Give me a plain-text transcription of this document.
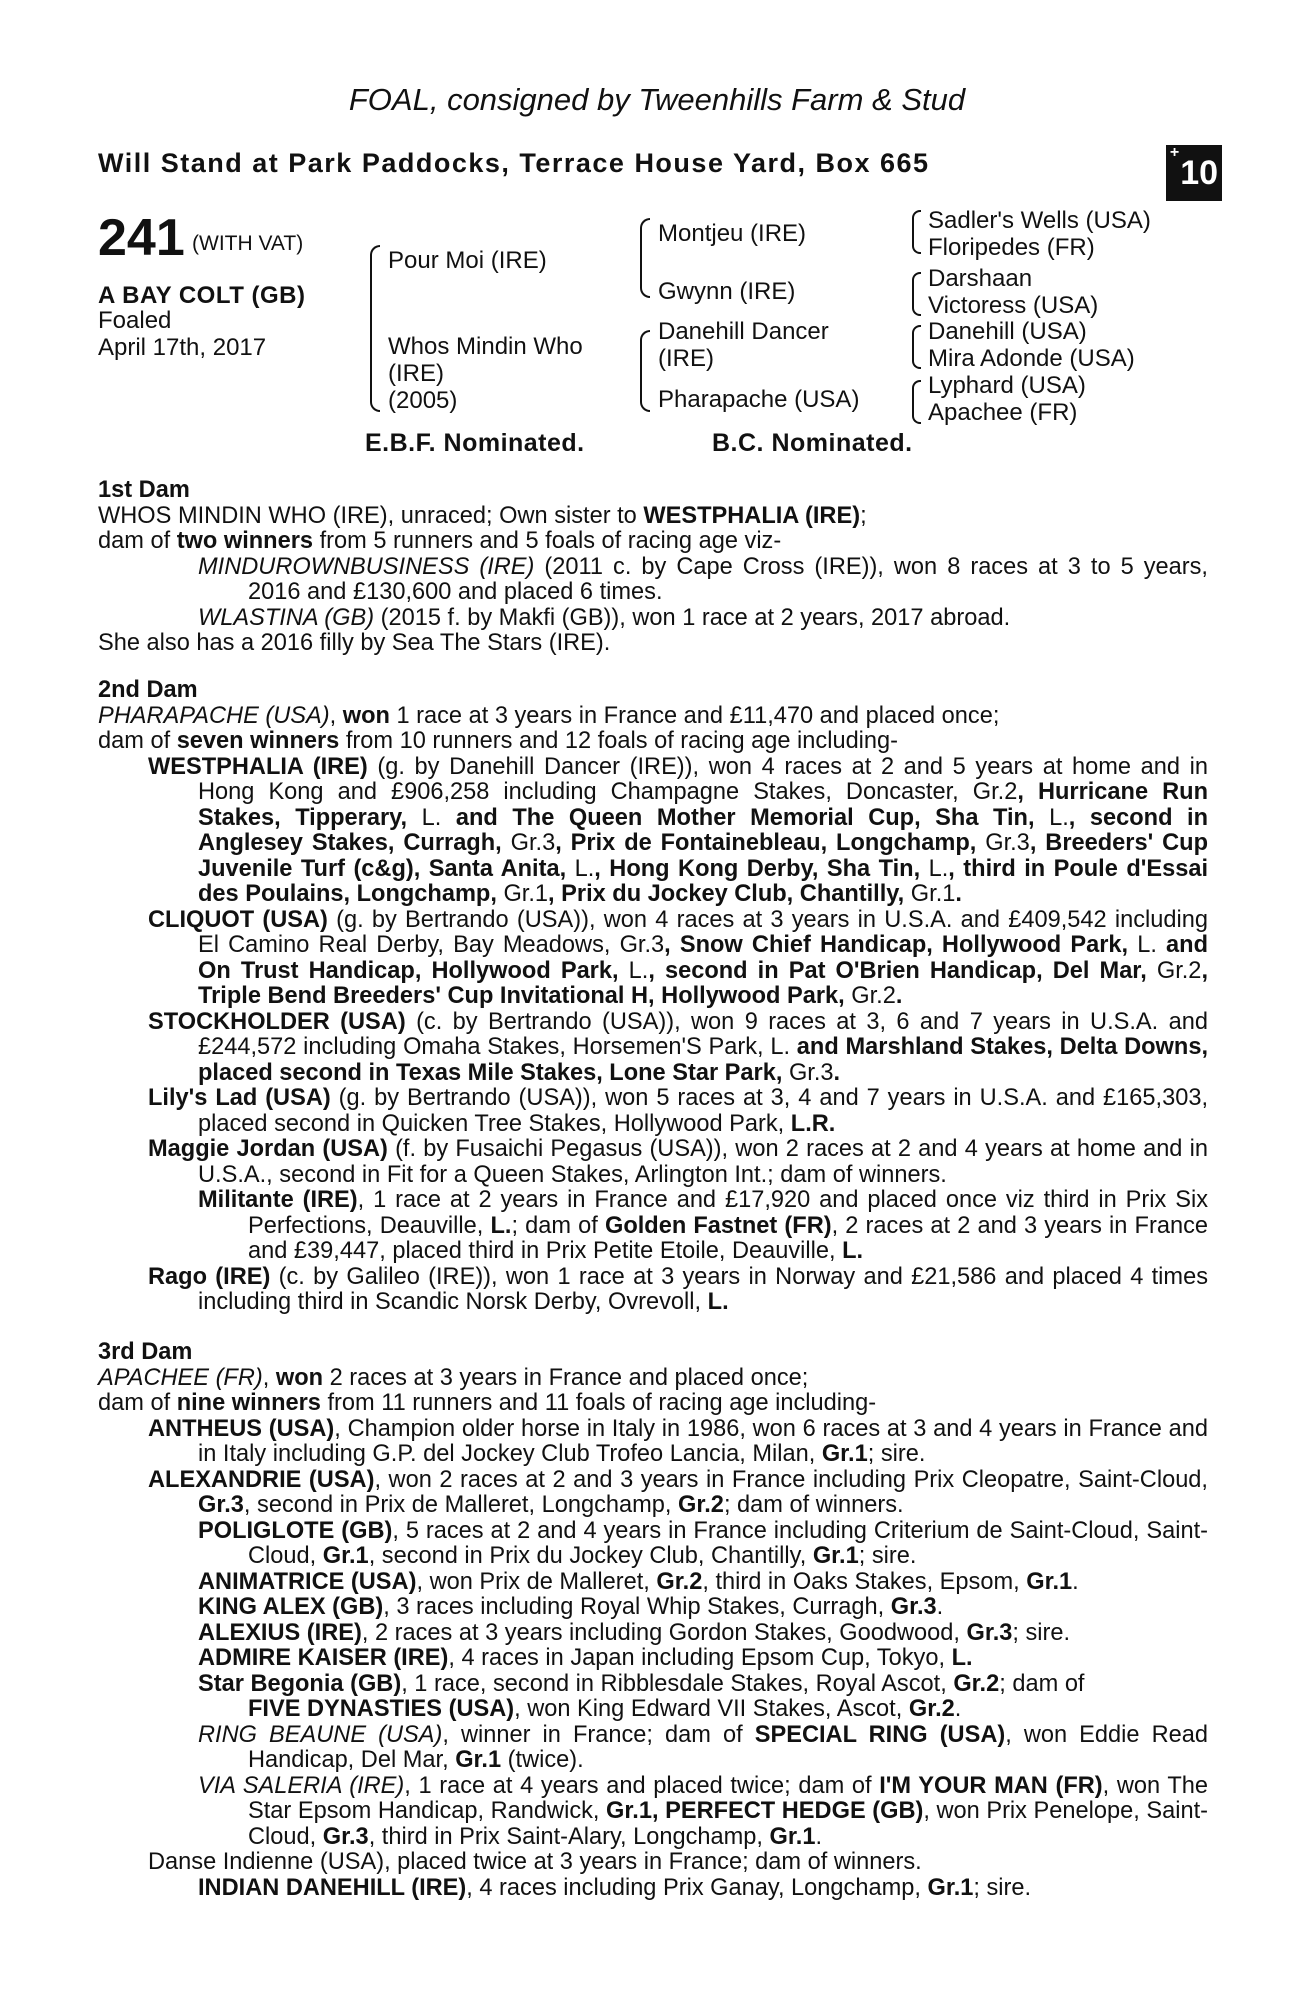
FOAL, consigned by Tweenhills Farm & Stud
Will Stand at Park Paddocks, Terrace House Yard, Box 665	+10
241 (WITH VAT)
A BAY COLT (GB)
Foaled
April 17th, 2017
Pour Moi (IRE)
Whos Mindin Who
(IRE)
(2005)
Montjeu (IRE)
Gwynn (IRE)
Danehill Dancer
(IRE)
Pharapache (USA)
Sadler's Wells (USA)
Floripedes (FR)
Darshaan
Victoress (USA)
Danehill (USA)
Mira Adonde (USA)
Lyphard (USA)
Apachee (FR)
E.B.F. Nominated.	B.C. Nominated.
1st Dam
WHOS MINDIN WHO (IRE), unraced; Own sister to WESTPHALIA (IRE);
dam of two winners from 5 runners and 5 foals of racing age viz-
MINDUROWNBUSINESS (IRE) (2011 c. by Cape Cross (IRE)), won 8 races at 3 to 5 years, 2016 and £130,600 and placed 6 times.
WLASTINA (GB) (2015 f. by Makfi (GB)), won 1 race at 2 years, 2017 abroad.
She also has a 2016 filly by Sea The Stars (IRE).
2nd Dam
PHARAPACHE (USA), won 1 race at 3 years in France and £11,470 and placed once;
dam of seven winners from 10 runners and 12 foals of racing age including-
WESTPHALIA (IRE) (g. by Danehill Dancer (IRE)), won 4 races at 2 and 5 years at home and in Hong Kong and £906,258 including Champagne Stakes, Doncaster, Gr.2, Hurricane Run Stakes, Tipperary, L. and The Queen Mother Memorial Cup, Sha Tin, L., second in Anglesey Stakes, Curragh, Gr.3, Prix de Fontainebleau, Longchamp, Gr.3, Breeders' Cup Juvenile Turf (c&g), Santa Anita, L., Hong Kong Derby, Sha Tin, L., third in Poule d'Essai des Poulains, Longchamp, Gr.1, Prix du Jockey Club, Chantilly, Gr.1.
CLIQUOT (USA) (g. by Bertrando (USA)), won 4 races at 3 years in U.S.A. and £409,542 including El Camino Real Derby, Bay Meadows, Gr.3, Snow Chief Handicap, Hollywood Park, L. and On Trust Handicap, Hollywood Park, L., second in Pat O'Brien Handicap, Del Mar, Gr.2, Triple Bend Breeders' Cup Invitational H, Hollywood Park, Gr.2.
STOCKHOLDER (USA) (c. by Bertrando (USA)), won 9 races at 3, 6 and 7 years in U.S.A. and £244,572 including Omaha Stakes, Horsemen'S Park, L. and Marshland Stakes, Delta Downs, placed second in Texas Mile Stakes, Lone Star Park, Gr.3.
Lily's Lad (USA) (g. by Bertrando (USA)), won 5 races at 3, 4 and 7 years in U.S.A. and £165,303, placed second in Quicken Tree Stakes, Hollywood Park, L.R.
Maggie Jordan (USA) (f. by Fusaichi Pegasus (USA)), won 2 races at 2 and 4 years at home and in U.S.A., second in Fit for a Queen Stakes, Arlington Int.; dam of winners.
Militante (IRE), 1 race at 2 years in France and £17,920 and placed once viz third in Prix Six Perfections, Deauville, L.; dam of Golden Fastnet (FR), 2 races at 2 and 3 years in France and £39,447, placed third in Prix Petite Etoile, Deauville, L.
Rago (IRE) (c. by Galileo (IRE)), won 1 race at 3 years in Norway and £21,586 and placed 4 times including third in Scandic Norsk Derby, Ovrevoll, L.
3rd Dam
APACHEE (FR), won 2 races at 3 years in France and placed once;
dam of nine winners from 11 runners and 11 foals of racing age including-
ANTHEUS (USA), Champion older horse in Italy in 1986, won 6 races at 3 and 4 years in France and in Italy including G.P. del Jockey Club Trofeo Lancia, Milan, Gr.1; sire.
ALEXANDRIE (USA), won 2 races at 2 and 3 years in France including Prix Cleopatre, Saint-Cloud, Gr.3, second in Prix de Malleret, Longchamp, Gr.2; dam of winners.
POLIGLOTE (GB), 5 races at 2 and 4 years in France including Criterium de Saint-Cloud, Saint-Cloud, Gr.1, second in Prix du Jockey Club, Chantilly, Gr.1; sire.
ANIMATRICE (USA), won Prix de Malleret, Gr.2, third in Oaks Stakes, Epsom, Gr.1.
KING ALEX (GB), 3 races including Royal Whip Stakes, Curragh, Gr.3.
ALEXIUS (IRE), 2 races at 3 years including Gordon Stakes, Goodwood, Gr.3; sire.
ADMIRE KAISER (IRE), 4 races in Japan including Epsom Cup, Tokyo, L.
Star Begonia (GB), 1 race, second in Ribblesdale Stakes, Royal Ascot, Gr.2; dam of
FIVE DYNASTIES (USA), won King Edward VII Stakes, Ascot, Gr.2.
RING BEAUNE (USA), winner in France; dam of SPECIAL RING (USA), won Eddie Read Handicap, Del Mar, Gr.1 (twice).
VIA SALERIA (IRE), 1 race at 4 years and placed twice; dam of I'M YOUR MAN (FR), won The Star Epsom Handicap, Randwick, Gr.1, PERFECT HEDGE (GB), won Prix Penelope, Saint-Cloud, Gr.3, third in Prix Saint-Alary, Longchamp, Gr.1.
Danse Indienne (USA), placed twice at 3 years in France; dam of winners.
INDIAN DANEHILL (IRE), 4 races including Prix Ganay, Longchamp, Gr.1; sire.
